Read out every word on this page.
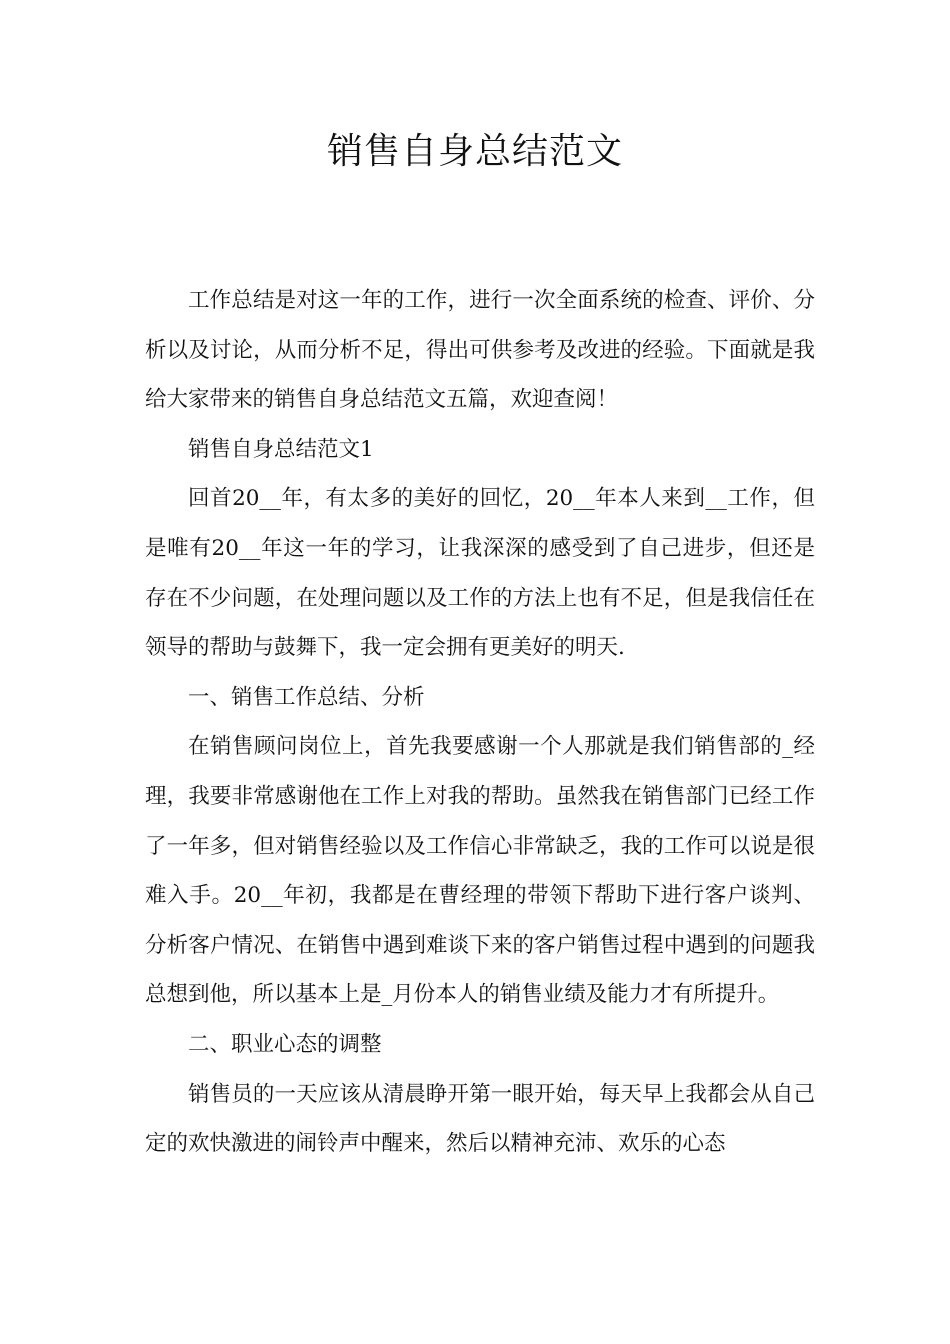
销售自身总结范文

工作总结是对这一年的工作，进行一次全面系统的检查、评价、分析以及讨论，从而分析不足，得出可供参考及改进的经验。下面就是我给大家带来的销售自身总结范文五篇，欢迎查阅！

销售自身总结范文1

回首20__年，有太多的美好的回忆，20__年本人来到__工作，但是唯有20__年这一年的学习，让我深深的感受到了自己进步，但还是存在不少问题，在处理问题以及工作的方法上也有不足，但是我信任在领导的帮助与鼓舞下，我一定会拥有更美好的明天.

一、销售工作总结、分析

在销售顾问岗位上，首先我要感谢一个人那就是我们销售部的_经理，我要非常感谢他在工作上对我的帮助。虽然我在销售部门已经工作了一年多，但对销售经验以及工作信心非常缺乏，我的工作可以说是很难入手。20__年初，我都是在曹经理的带领下帮助下进行客户谈判、分析客户情况、在销售中遇到难谈下来的客户销售过程中遇到的问题我总想到他，所以基本上是_月份本人的销售业绩及能力才有所提升。

二、职业心态的调整

销售员的一天应该从清晨睁开第一眼开始，每天早上我都会从自己定的欢快激进的闹铃声中醒来，然后以精神充沛、欢乐的心态
